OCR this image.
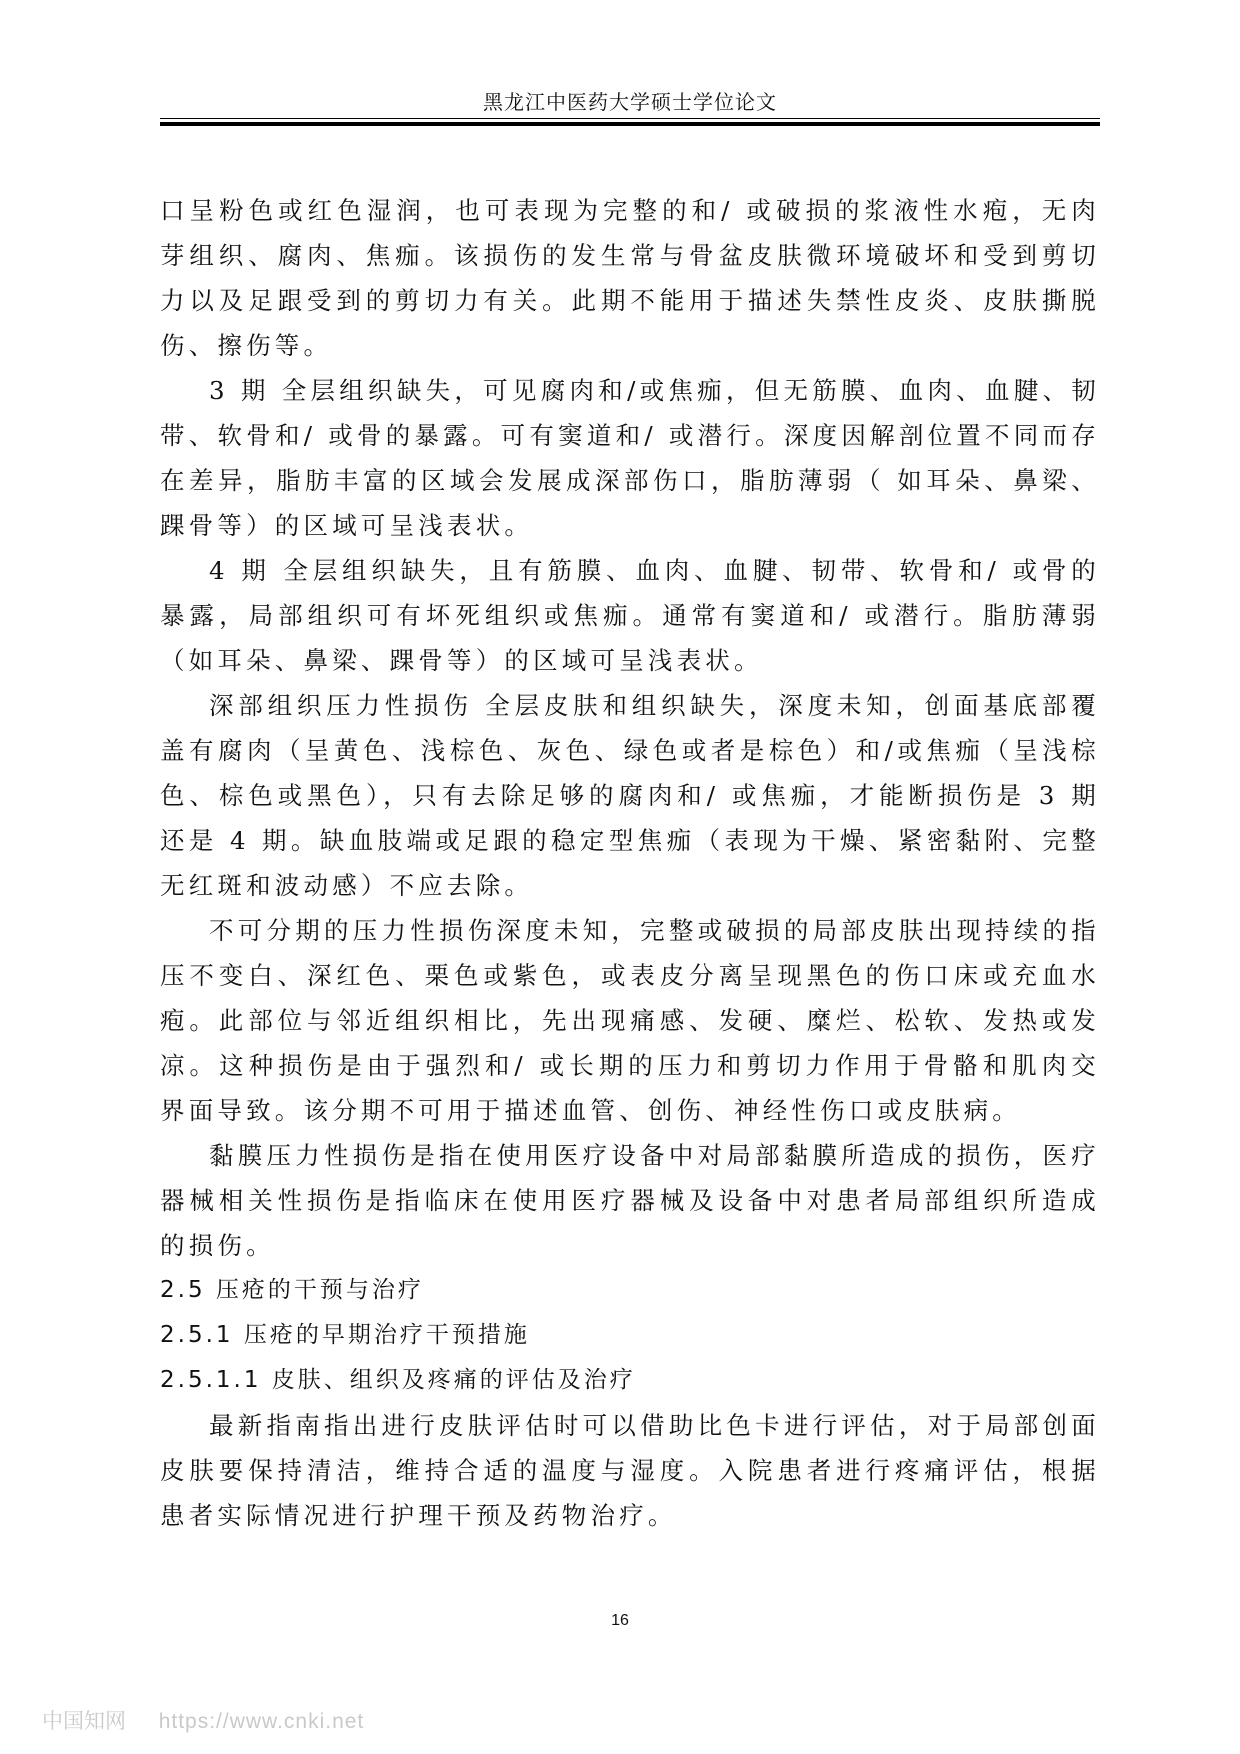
黑龙江中医药大学硕士学位论文

口呈粉色或红色湿润，也可表现为完整的和/ 或破损的浆液性水疱，无肉芽组织、腐肉、焦痂。该损伤的发生常与骨盆皮肤微环境破坏和受到剪切力以及足跟受到的剪切力有关。此期不能用于描述失禁性皮炎、皮肤撕脱伤、擦伤等。

3 期 全层组织缺失，可见腐肉和/或焦痂，但无筋膜、血肉、血腱、韧带、软骨和/ 或骨的暴露。可有窦道和/ 或潜行。深度因解剖位置不同而存在差异，脂肪丰富的区域会发展成深部伤口，脂肪薄弱（ 如耳朵、鼻梁、踝骨等）的区域可呈浅表状。

4 期 全层组织缺失，且有筋膜、血肉、血腱、韧带、软骨和/ 或骨的暴露，局部组织可有坏死组织或焦痂。通常有窦道和/ 或潜行。脂肪薄弱（如耳朵、鼻梁、踝骨等）的区域可呈浅表状。

深部组织压力性损伤 全层皮肤和组织缺失，深度未知，创面基底部覆盖有腐肉（呈黄色、浅棕色、灰色、绿色或者是棕色）和/或焦痂（呈浅棕色、棕色或黑色），只有去除足够的腐肉和/ 或焦痂，才能断损伤是 3 期还是 4 期。缺血肢端或足跟的稳定型焦痂（表现为干燥、紧密黏附、完整无红斑和波动感）不应去除。

不可分期的压力性损伤深度未知，完整或破损的局部皮肤出现持续的指压不变白、深红色、栗色或紫色，或表皮分离呈现黑色的伤口床或充血水疱。此部位与邻近组织相比，先出现痛感、发硬、糜烂、松软、发热或发凉。这种损伤是由于强烈和/ 或长期的压力和剪切力作用于骨骼和肌肉交界面导致。该分期不可用于描述血管、创伤、神经性伤口或皮肤病。

黏膜压力性损伤是指在使用医疗设备中对局部黏膜所造成的损伤，医疗器械相关性损伤是指临床在使用医疗器械及设备中对患者局部组织所造成的损伤。

2.5 压疮的干预与治疗

2.5.1 压疮的早期治疗干预措施

2.5.1.1 皮肤、组织及疼痛的评估及治疗

最新指南指出进行皮肤评估时可以借助比色卡进行评估，对于局部创面皮肤要保持清洁，维持合适的温度与湿度。入院患者进行疼痛评估，根据患者实际情况进行护理干预及药物治疗。

16
中国知网 https://www.cnki.net
